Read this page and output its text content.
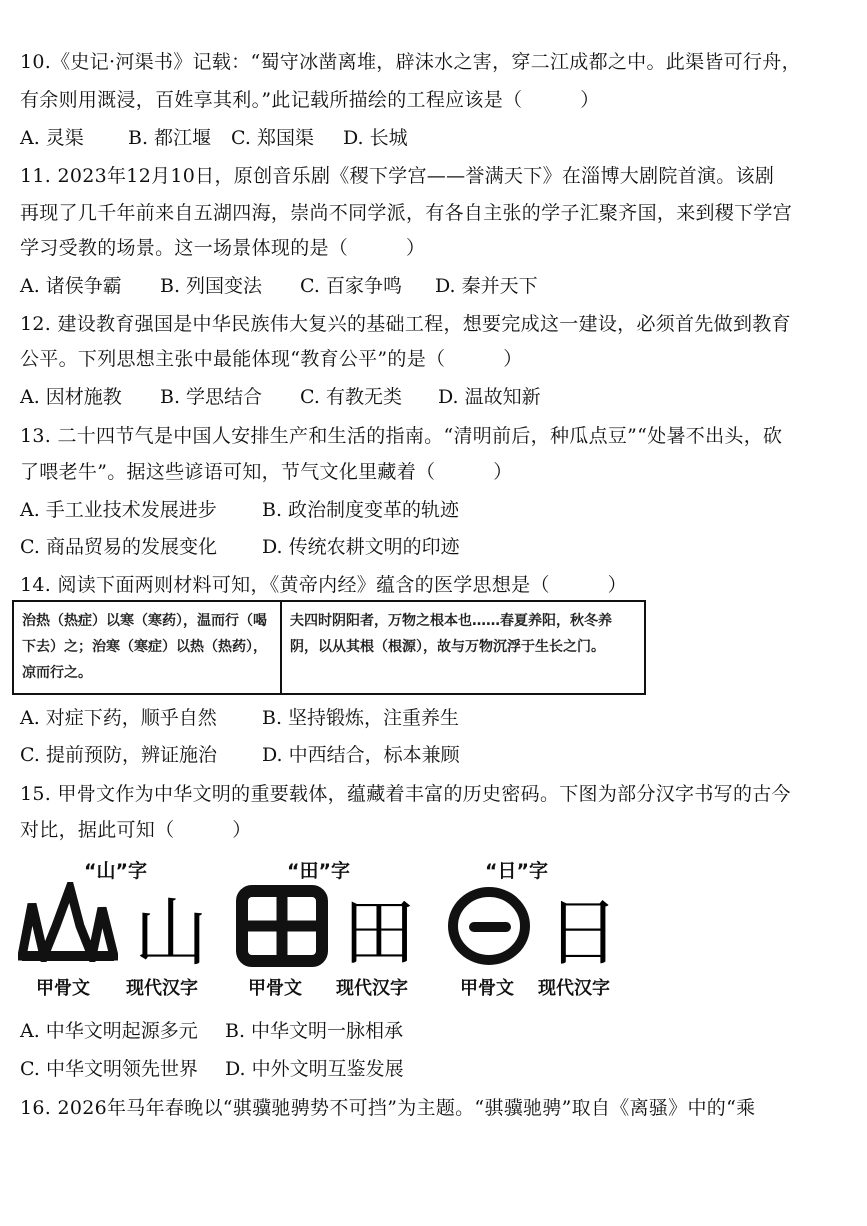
10.《史记·河渠书》记载：“蜀守冰凿离堆，辟沫水之害，穿二江成都之中。此渠皆可行舟，
有余则用溉浸，百姓享其利。”此记载所描绘的工程应该是（　　　）
A. 灵渠 B. 都江堰 C. 郑国渠 D. 长城
11. 2023年12月10日，原创音乐剧《稷下学宫——誉满天下》在淄博大剧院首演。该剧
再现了几千年前来自五湖四海，崇尚不同学派，有各自主张的学子汇聚齐国，来到稷下学宫
学习受教的场景。这一场景体现的是（　　　）
A. 诸侯争霸 B. 列国变法 C. 百家争鸣 D. 秦并天下
12. 建设教育强国是中华民族伟大复兴的基础工程，想要完成这一建设，必须首先做到教育
公平。下列思想主张中最能体现“教育公平”的是（　　　）
A. 因材施教 B. 学思结合 C. 有教无类 D. 温故知新
13. 二十四节气是中国人安排生产和生活的指南。“清明前后，种瓜点豆”“处暑不出头，砍
了喂老牛”。据这些谚语可知，节气文化里藏着（　　　）
A. 手工业技术发展进步 B. 政治制度变革的轨迹
C. 商品贸易的发展变化 D. 传统农耕文明的印迹
14. 阅读下面两则材料可知，《黄帝内经》蕴含的医学思想是（　　　）
治热（热症）以寒（寒药），温而行（喝下去）之；治寒（寒症）以热（热药），凉而行之。	夫四时阴阳者，万物之根本也……春夏养阳，秋冬养阴，以从其根（根源），故与万物沉浮于生长之门。
A. 对症下药，顺乎自然 B. 坚持锻炼，注重养生
C. 提前预防，辨证施治 D. 中西结合，标本兼顾
15. 甲骨文作为中华文明的重要载体，蕴藏着丰富的历史密码。下图为部分汉字书写的古今
对比，据此可知（　　　）
“山”字	“田”字	“日”字
山 田 日
甲骨文 现代汉字	甲骨文 现代汉字	甲骨文 现代汉字
A. 中华文明起源多元 B. 中华文明一脉相承
C. 中华文明领先世界 D. 中外文明互鉴发展
16. 2026年马年春晚以“骐骥驰骋势不可挡”为主题。“骐骥驰骋”取自《离骚》中的“乘
